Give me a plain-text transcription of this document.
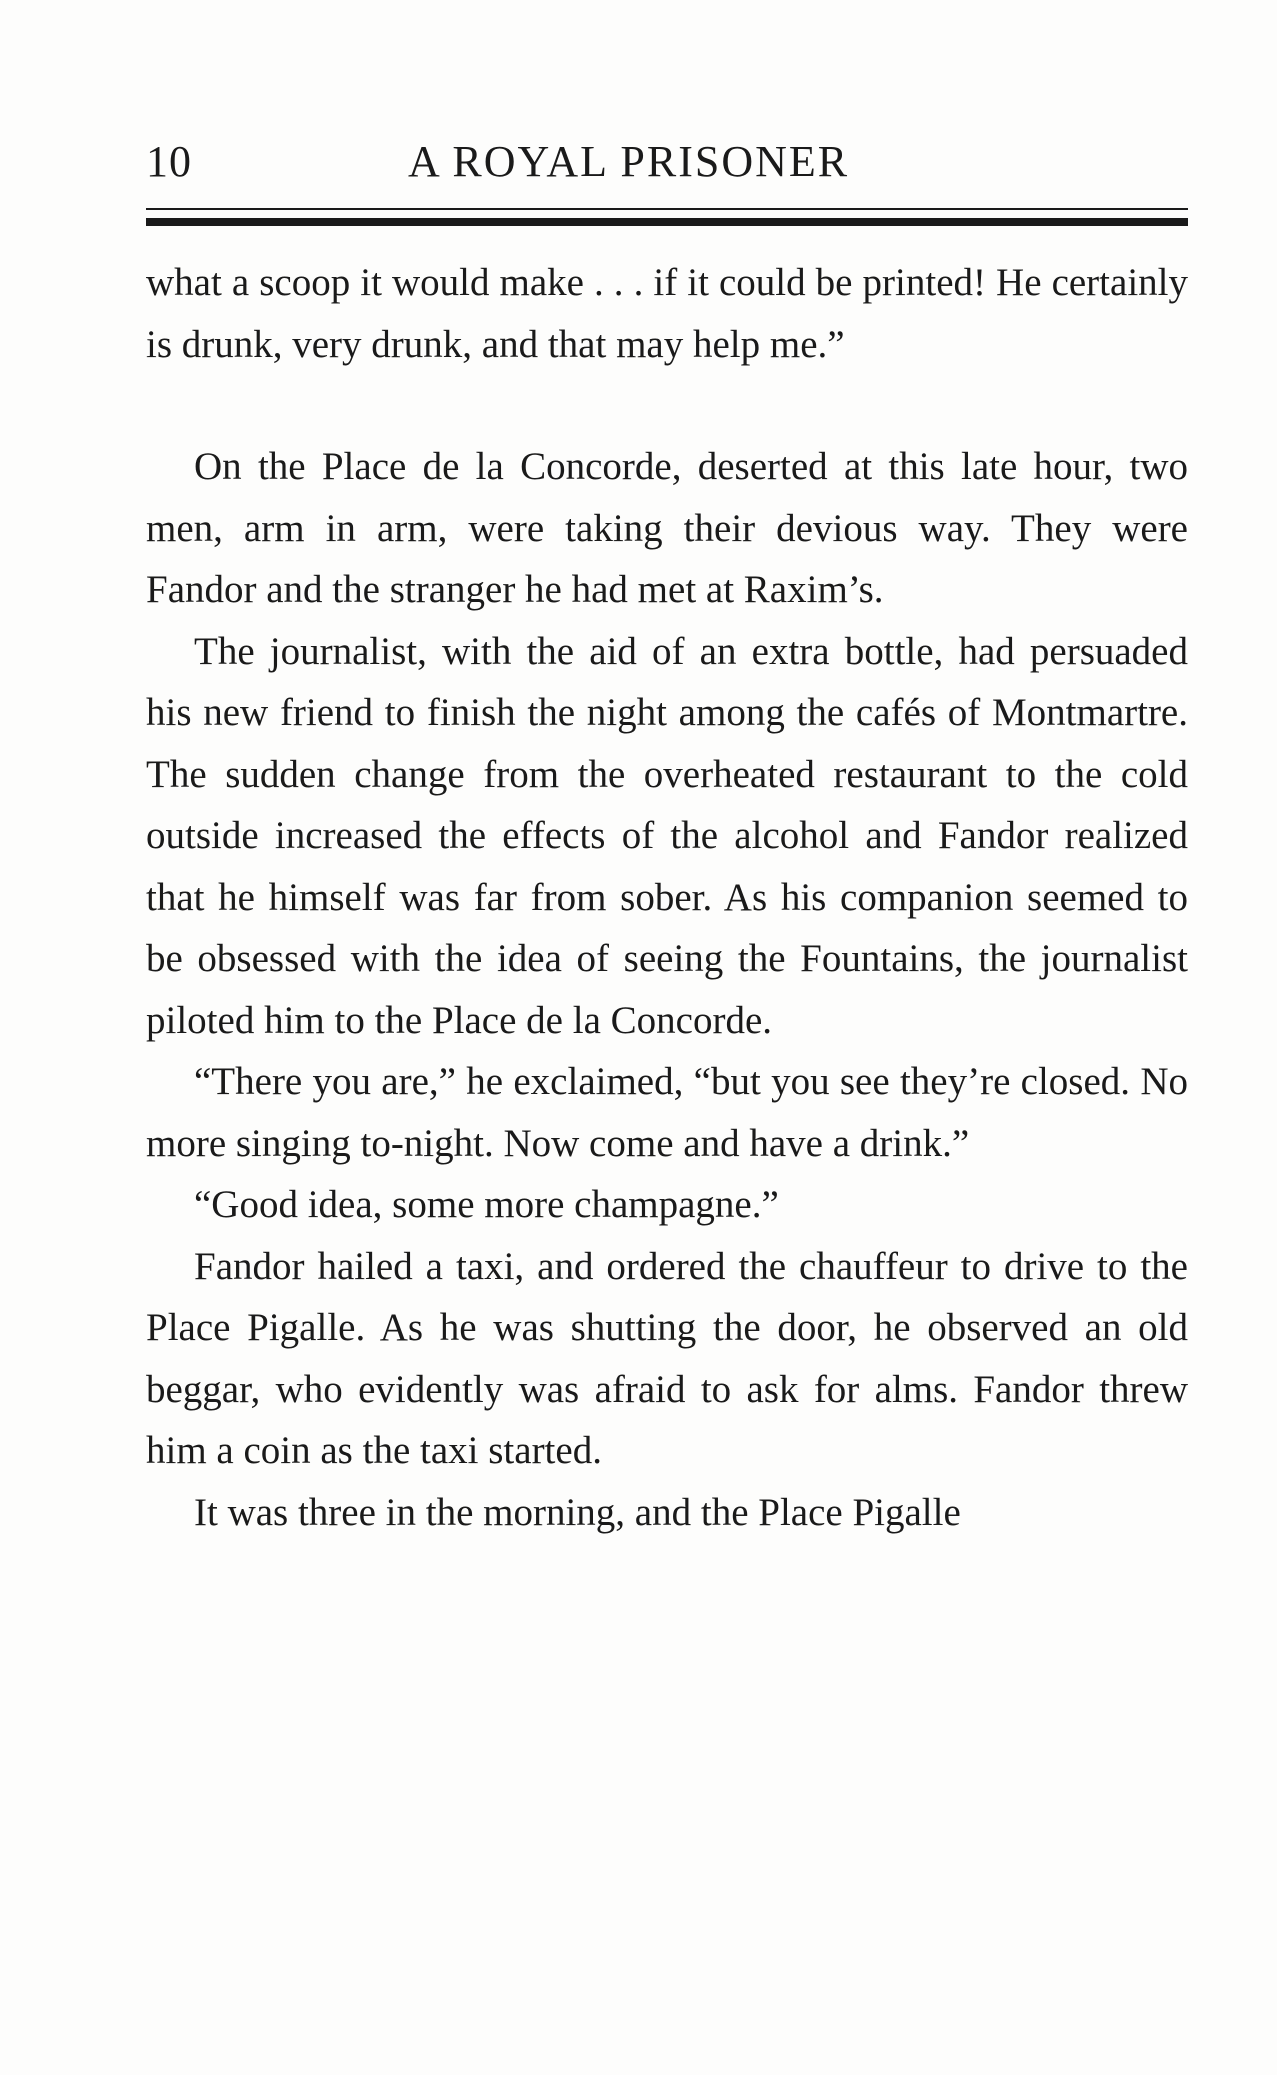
10	A ROYAL PRISONER

what a scoop it would make . . . if it could be printed! He certainly is drunk, very drunk, and that may help me.”

On the Place de la Concorde, deserted at this late hour, two men, arm in arm, were taking their devious way. They were Fandor and the stranger he had met at Raxim’s.

The journalist, with the aid of an extra bottle, had persuaded his new friend to finish the night among the cafés of Montmartre. The sudden change from the overheated restaurant to the cold outside increased the effects of the alcohol and Fandor realized that he himself was far from sober. As his companion seemed to be obsessed with the idea of seeing the Fountains, the journalist piloted him to the Place de la Concorde.

“There you are,” he exclaimed, “but you see they’re closed. No more singing to-night. Now come and have a drink.”

“Good idea, some more champagne.”

Fandor hailed a taxi, and ordered the chauffeur to drive to the Place Pigalle. As he was shutting the door, he observed an old beggar, who evidently was afraid to ask for alms. Fandor threw him a coin as the taxi started.

It was three in the morning, and the Place Pigalle
